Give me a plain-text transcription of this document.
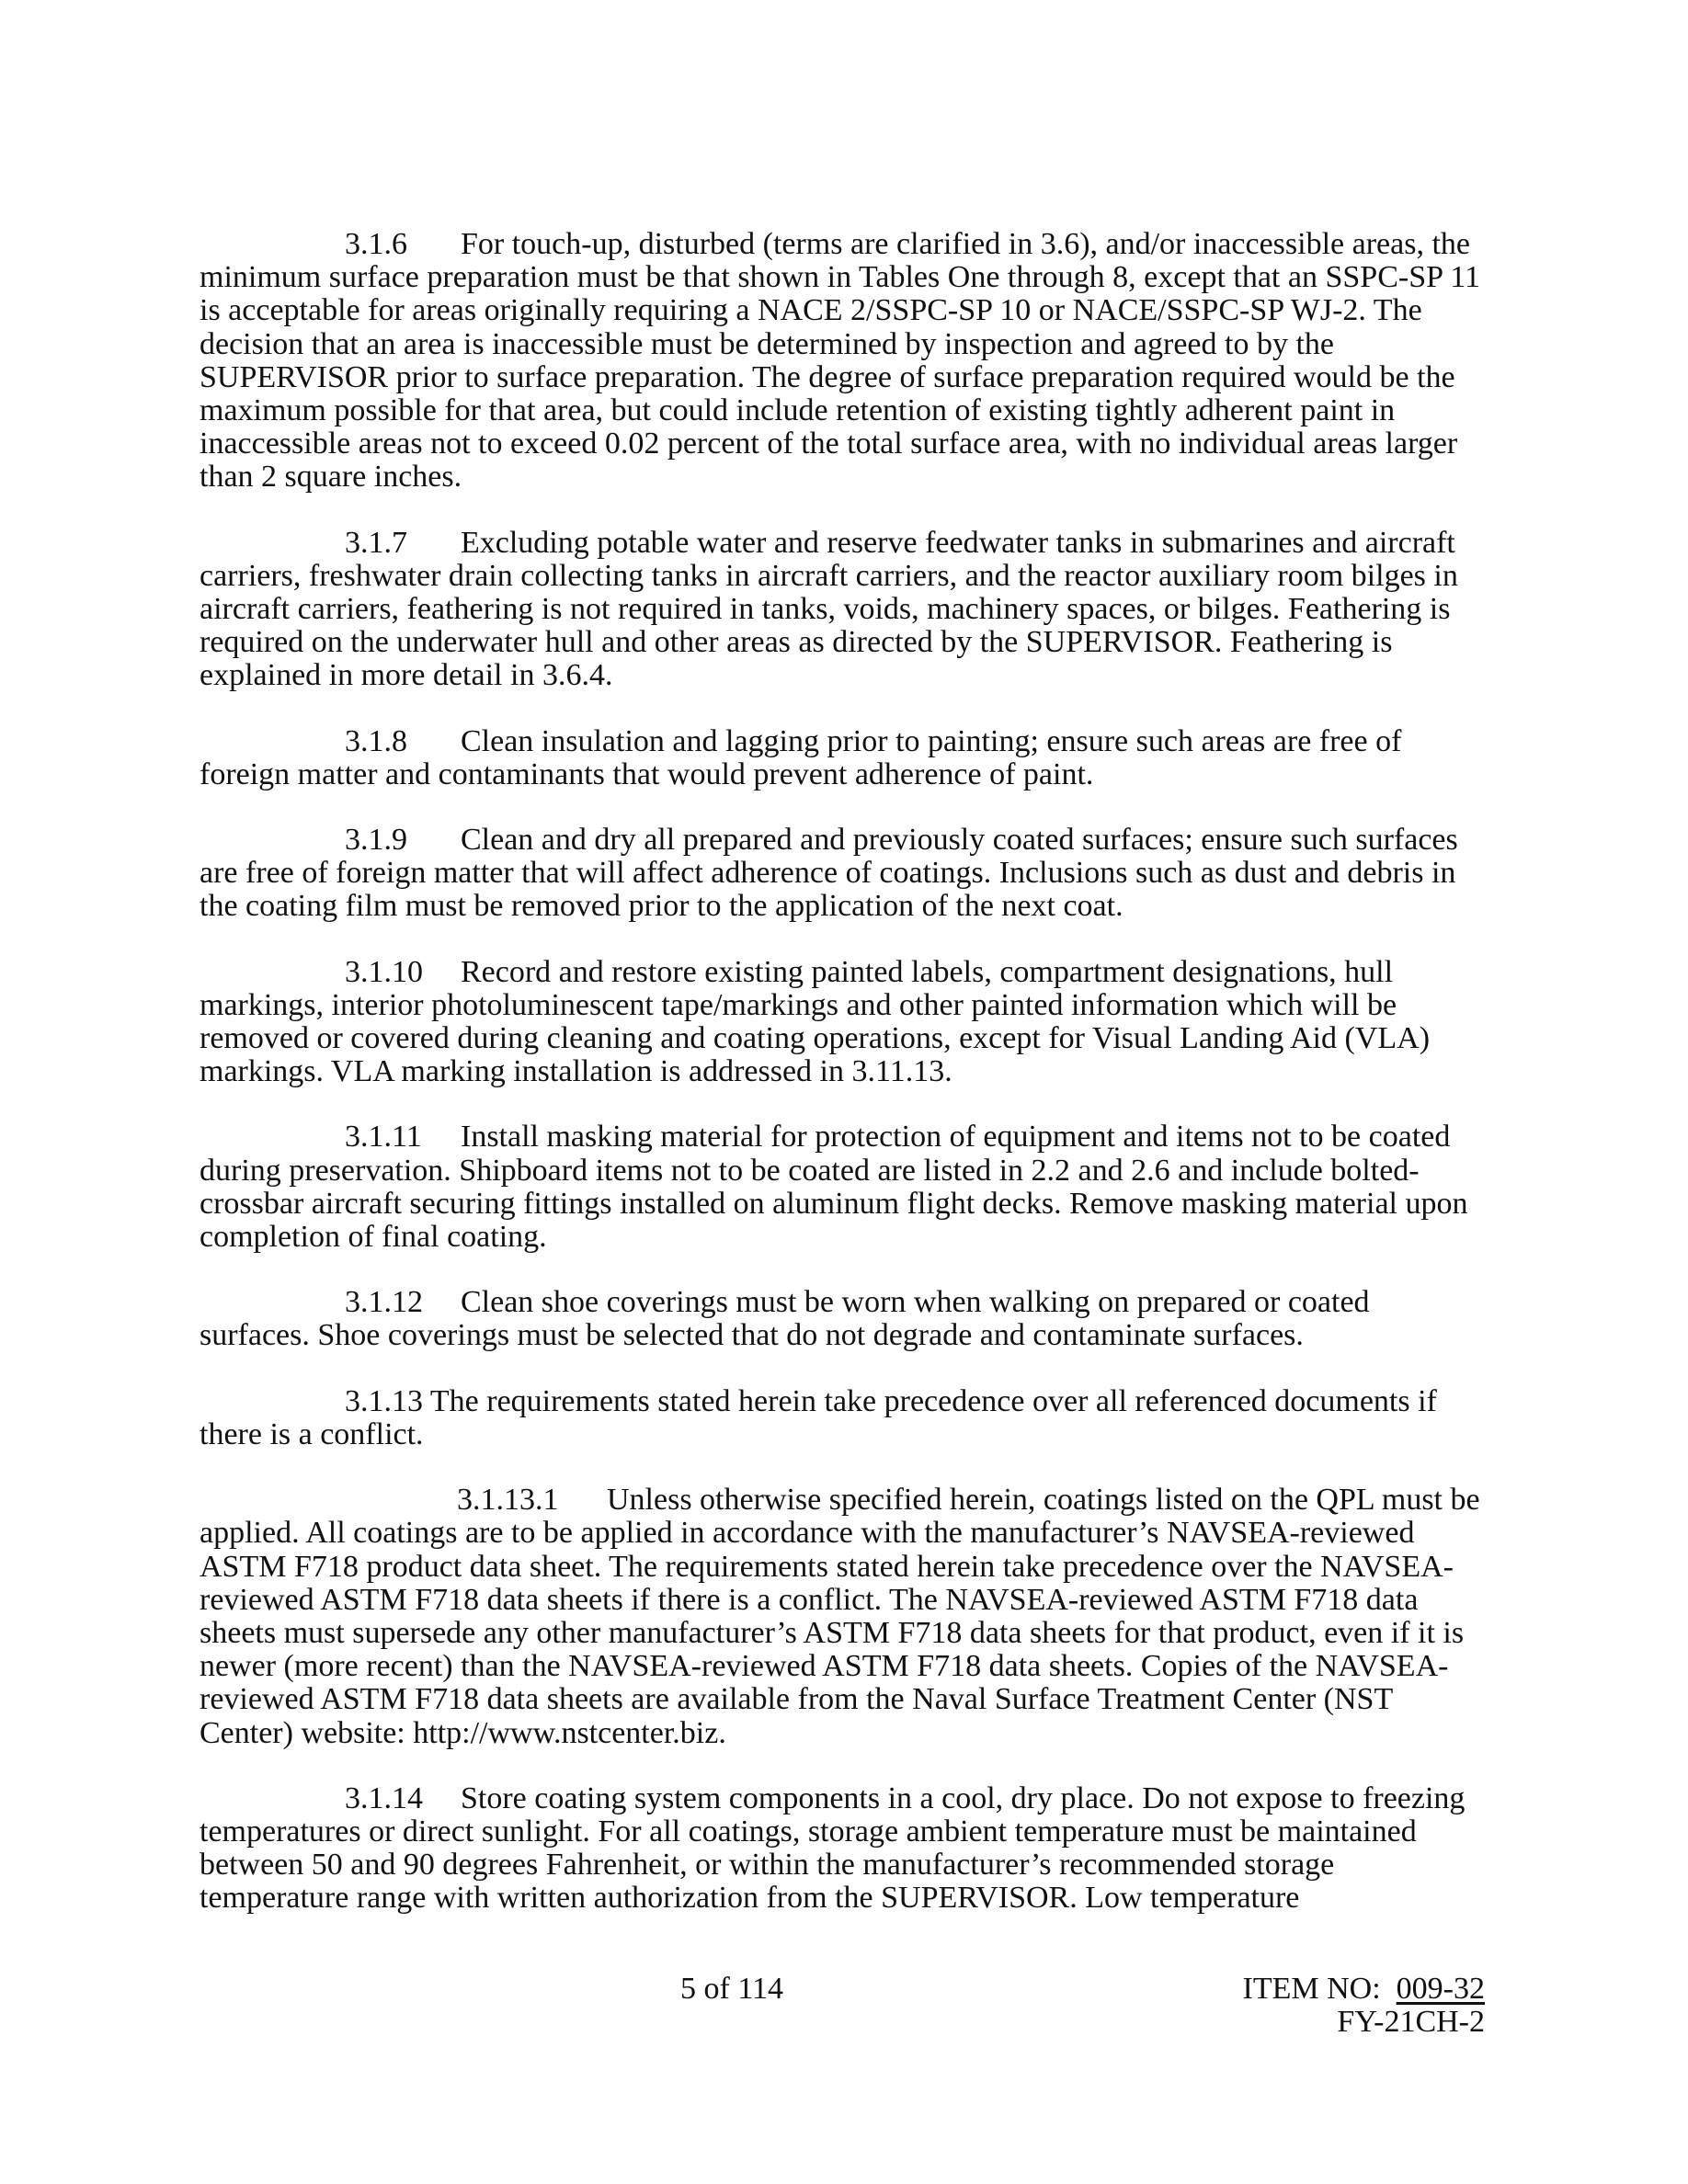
3.1.6 For touch-up, disturbed (terms are clarified in 3.6), and/or inaccessible areas, the minimum surface preparation must be that shown in Tables One through 8, except that an SSPC-SP 11 is acceptable for areas originally requiring a NACE 2/SSPC-SP 10 or NACE/SSPC-SP WJ-2. The decision that an area is inaccessible must be determined by inspection and agreed to by the SUPERVISOR prior to surface preparation. The degree of surface preparation required would be the maximum possible for that area, but could include retention of existing tightly adherent paint in inaccessible areas not to exceed 0.02 percent of the total surface area, with no individual areas larger than 2 square inches.

3.1.7 Excluding potable water and reserve feedwater tanks in submarines and aircraft carriers, freshwater drain collecting tanks in aircraft carriers, and the reactor auxiliary room bilges in aircraft carriers, feathering is not required in tanks, voids, machinery spaces, or bilges. Feathering is required on the underwater hull and other areas as directed by the SUPERVISOR. Feathering is explained in more detail in 3.6.4.

3.1.8 Clean insulation and lagging prior to painting; ensure such areas are free of foreign matter and contaminants that would prevent adherence of paint.

3.1.9 Clean and dry all prepared and previously coated surfaces; ensure such surfaces are free of foreign matter that will affect adherence of coatings. Inclusions such as dust and debris in the coating film must be removed prior to the application of the next coat.

3.1.10 Record and restore existing painted labels, compartment designations, hull markings, interior photoluminescent tape/markings and other painted information which will be removed or covered during cleaning and coating operations, except for Visual Landing Aid (VLA) markings. VLA marking installation is addressed in 3.11.13.

3.1.11 Install masking material for protection of equipment and items not to be coated during preservation. Shipboard items not to be coated are listed in 2.2 and 2.6 and include bolted-crossbar aircraft securing fittings installed on aluminum flight decks. Remove masking material upon completion of final coating.

3.1.12 Clean shoe coverings must be worn when walking on prepared or coated surfaces. Shoe coverings must be selected that do not degrade and contaminate surfaces.

3.1.13 The requirements stated herein take precedence over all referenced documents if there is a conflict.

3.1.13.1 Unless otherwise specified herein, coatings listed on the QPL must be applied. All coatings are to be applied in accordance with the manufacturer’s NAVSEA-reviewed ASTM F718 product data sheet. The requirements stated herein take precedence over the NAVSEA-reviewed ASTM F718 data sheets if there is a conflict. The NAVSEA-reviewed ASTM F718 data sheets must supersede any other manufacturer’s ASTM F718 data sheets for that product, even if it is newer (more recent) than the NAVSEA-reviewed ASTM F718 data sheets. Copies of the NAVSEA-reviewed ASTM F718 data sheets are available from the Naval Surface Treatment Center (NST Center) website: http://www.nstcenter.biz.

3.1.14 Store coating system components in a cool, dry place. Do not expose to freezing temperatures or direct sunlight. For all coatings, storage ambient temperature must be maintained between 50 and 90 degrees Fahrenheit, or within the manufacturer’s recommended storage temperature range with written authorization from the SUPERVISOR. Low temperature

5 of 114	ITEM NO: 009-32
FY-21CH-2
